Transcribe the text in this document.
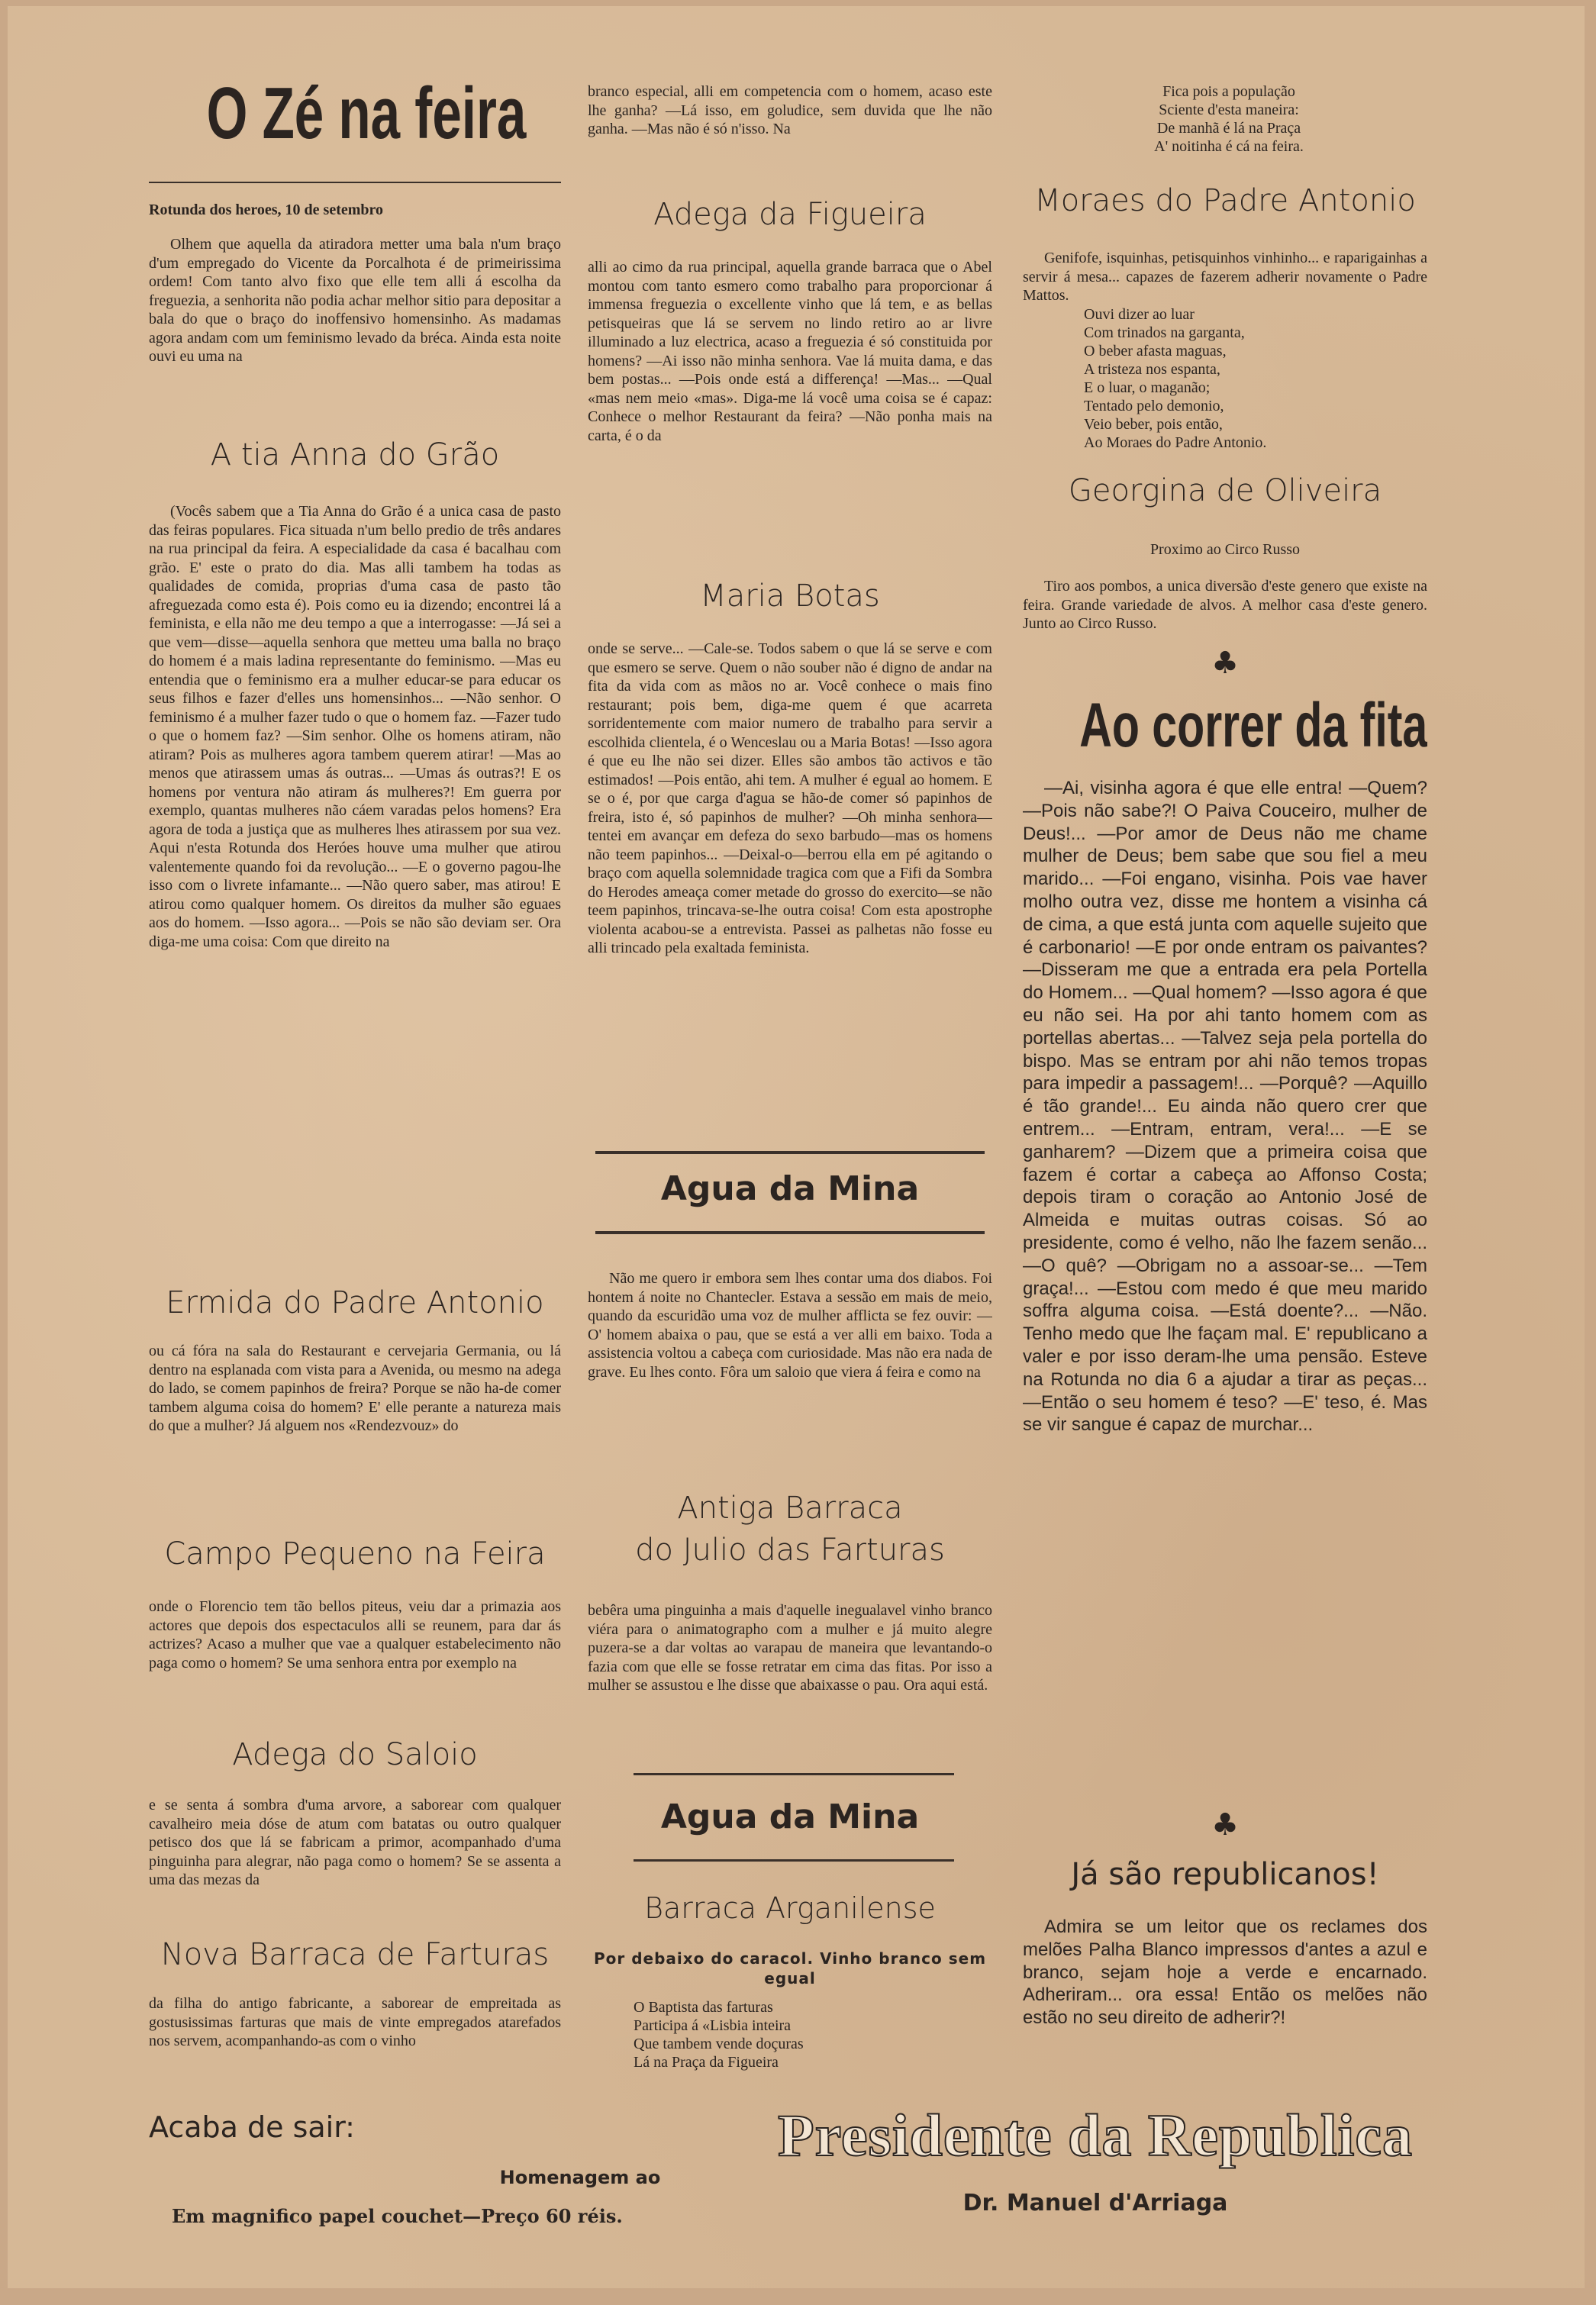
O Zé na feira

Rotunda dos heroes, 10 de setembro

Olhem que aquella da atiradora metter uma bala n'um braço d'um empregado do Vicente da Porcalhota é de primeirissima ordem! Com tanto alvo fixo que elle tem alli á escolha da freguezia, a senhorita não podia achar melhor sitio para depositar a bala do que o braço do inoffensivo homensinho. As madamas agora andam com um feminismo levado da bréca. Ainda esta noite ouvi eu uma na

A tia Anna do Grão

(Vocês sabem que a Tia Anna do Grão é a unica casa de pasto das feiras populares. Fica situada n'um bello predio de três andares na rua principal da feira. A especialidade da casa é bacalhau com grão. E' este o prato do dia. Mas alli tambem ha todas as qualidades de comida, proprias d'uma casa de pasto tão afreguezada como esta é). Pois como eu ia dizendo; encontrei lá a feminista, e ella não me deu tempo a que a interrogasse: —Já sei a que vem—disse—aquella senhora que metteu uma balla no braço do homem é a mais ladina representante do feminismo. —Mas eu entendia que o feminismo era a mulher educar-se para educar os seus filhos e fazer d'elles uns homensinhos... —Não senhor. O feminismo é a mulher fazer tudo o que o homem faz. —Fazer tudo o que o homem faz? —Sim senhor. Olhe os homens atiram, não atiram? Pois as mulheres agora tambem querem atirar! —Mas ao menos que atirassem umas ás outras... —Umas ás outras?! E os homens por ventura não atiram ás mulheres?! Em guerra por exemplo, quantas mulheres não cáem varadas pelos homens? Era agora de toda a justiça que as mulheres lhes atirassem por sua vez. Aqui n'esta Rotunda dos Heróes houve uma mulher que atirou valentemente quando foi da revolução... —E o governo pagou-lhe isso com o livrete infamante... —Não quero saber, mas atirou! E atirou como qualquer homem. Os direitos da mulher são eguaes aos do homem. —Isso agora... —Pois se não são deviam ser. Ora diga-me uma coisa: Com que direito na

Ermida do Padre Antonio

ou cá fóra na sala do Restaurant e cervejaria Germania, ou lá dentro na esplanada com vista para a Avenida, ou mesmo na adega do lado, se comem papinhos de freira? Porque se não ha-de comer tambem alguma coisa do homem? E' elle perante a natureza mais do que a mulher? Já alguem nos «Rendezvouz» do

Campo Pequeno na Feira

onde o Florencio tem tão bellos piteus, veiu dar a primazia aos actores que depois dos espectaculos alli se reunem, para dar ás actrizes? Acaso a mulher que vae a qualquer estabelecimento não paga como o homem? Se uma senhora entra por exemplo na

Adega do Saloio

e se senta á sombra d'uma arvore, a saborear com qualquer cavalheiro meia dóse de atum com batatas ou outro qualquer petisco dos que lá se fabricam a primor, acompanhado d'uma pinguinha para alegrar, não paga como o homem? Se se assenta a uma das mezas da

Nova Barraca de Farturas

da filha do antigo fabricante, a saborear de empreitada as gostusissimas farturas que mais de vinte empregados atarefados nos servem, acompanhando-as com o vinho

branco especial, alli em competencia com o homem, acaso este lhe ganha? —Lá isso, em goludice, sem duvida que lhe não ganha. —Mas não é só n'isso. Na

Adega da Figueira

alli ao cimo da rua principal, aquella grande barraca que o Abel montou com tanto esmero como trabalho para proporcionar á immensa freguezia o excellente vinho que lá tem, e as bellas petisqueiras que lá se servem no lindo retiro ao ar livre illuminado a luz electrica, acaso a freguezia é só constituida por homens? —Ai isso não minha senhora. Vae lá muita dama, e das bem postas... —Pois onde está a differença! —Mas... —Qual «mas nem meio «mas». Diga-me lá você uma coisa se é capaz: Conhece o melhor Restaurant da feira? —Não ponha mais na carta, é o da

Maria Botas

onde se serve... —Cale-se. Todos sabem o que lá se serve e com que esmero se serve. Quem o não souber não é digno de andar na fita da vida com as mãos no ar. Você conhece o mais fino restaurant; pois bem, diga-me quem é que acarreta sorridentemente com maior numero de trabalho para servir a escolhida clientela, é o Wenceslau ou a Maria Botas! —Isso agora é que eu lhe não sei dizer. Elles são ambos tão activos e tão estimados! —Pois então, ahi tem. A mulher é egual ao homem. E se o é, por que carga d'agua se hão-de comer só papinhos de freira, isto é, só papinhos de mulher? —Oh minha senhora—tentei em avançar em defeza do sexo barbudo—mas os homens não teem papinhos... —Deixal-o—berrou ella em pé agitando o braço com aquella solemnidade tragica com que a Fifi da Sombra do Herodes ameaça comer metade do grosso do exercito—se não teem papinhos, trincava-se-lhe outra coisa! Com esta apostrophe violenta acabou-se a entrevista. Passei as palhetas não fosse eu alli trincado pela exaltada feminista.

Agua da Mina

Não me quero ir embora sem lhes contar uma dos diabos. Foi hontem á noite no Chantecler. Estava a sessão em mais de meio, quando da escuridão uma voz de mulher afflicta se fez ouvir: —O' homem abaixa o pau, que se está a ver alli em baixo. Toda a assistencia voltou a cabeça com curiosidade. Mas não era nada de grave. Eu lhes conto. Fôra um saloio que viera á feira e como na

Antiga Barraca
do Julio das Farturas

bebêra uma pinguinha a mais d'aquelle inegualavel vinho branco viéra para o animatographo com a mulher e já muito alegre puzera-se a dar voltas ao varapau de maneira que levantando-o fazia com que elle se fosse retratar em cima das fitas. Por isso a mulher se assustou e lhe disse que abaixasse o pau. Ora aqui está.

Agua da Mina
Barraca Arganilense

Por debaixo do caracol. Vinho branco sem egual

O Baptista das farturas

Participa á «Lisbia inteira

Que tambem vende doçuras

Lá na Praça da Figueira

Fica pois a população

Sciente d'esta maneira:

De manhã é lá na Praça

A' noitinha é cá na feira.

Moraes do Padre Antonio

Genifofe, isquinhas, petisquinhos vinhinho... e raparigainhas a servir á mesa... capazes de fazerem adherir novamente o Padre Mattos.

Ouvi dizer ao luar

Com trinados na garganta,

O beber afasta maguas,

A tristeza nos espanta,

E o luar, o maganão;

Tentado pelo demonio,

Veio beber, pois então,

Ao Moraes do Padre Antonio.

Georgina de Oliveira

Proximo ao Circo Russo

Tiro aos pombos, a unica diversão d'este genero que existe na feira. Grande variedade de alvos. A melhor casa d'este genero. Junto ao Circo Russo.

♣
Ao correr da fita

—Ai, visinha agora é que elle entra! —Quem? —Pois não sabe?! O Paiva Couceiro, mulher de Deus!... —Por amor de Deus não me chame mulher de Deus; bem sabe que sou fiel a meu marido... —Foi engano, visinha. Pois vae haver molho outra vez, disse me hontem a visinha cá de cima, a que está junta com aquelle sujeito que é carbonario! —E por onde entram os paivantes? —Disseram me que a entrada era pela Portella do Homem... —Qual homem? —Isso agora é que eu não sei. Ha por ahi tanto homem com as portellas abertas... —Talvez seja pela portella do bispo. Mas se entram por ahi não temos tropas para impedir a passagem!... —Porquê? —Aquillo é tão grande!... Eu ainda não quero crer que entrem... —Entram, entram, vera!... —E se ganharem? —Dizem que a primeira coisa que fazem é cortar a cabeça ao Affonso Costa; depois tiram o coração ao Antonio José de Almeida e muitas outras coisas. Só ao presidente, como é velho, não lhe fazem senão... —O quê? —Obrigam no a assoar-se... —Tem graça!... —Estou com medo é que meu marido soffra alguma coisa. —Está doente?... —Não. Tenho medo que lhe façam mal. E' republicano a valer e por isso deram-lhe uma pensão. Esteve na Rotunda no dia 6 a ajudar a tirar as peças... —Então o seu homem é teso? —E' teso, é. Mas se vir sangue é capaz de murchar...

♣
Já são republicanos!

Admira se um leitor que os reclames dos melões Palha Blanco impressos d'antes a azul e branco, sejam hoje a verde e encarnado. Adheriram... ora essa! Então os melões não estão no seu direito de adherir?!

Acaba de sair:
Homenagem ao
Em magnifico papel couchet—Preço 60 réis.
Presidente da Republica
Dr. Manuel d'Arriaga
